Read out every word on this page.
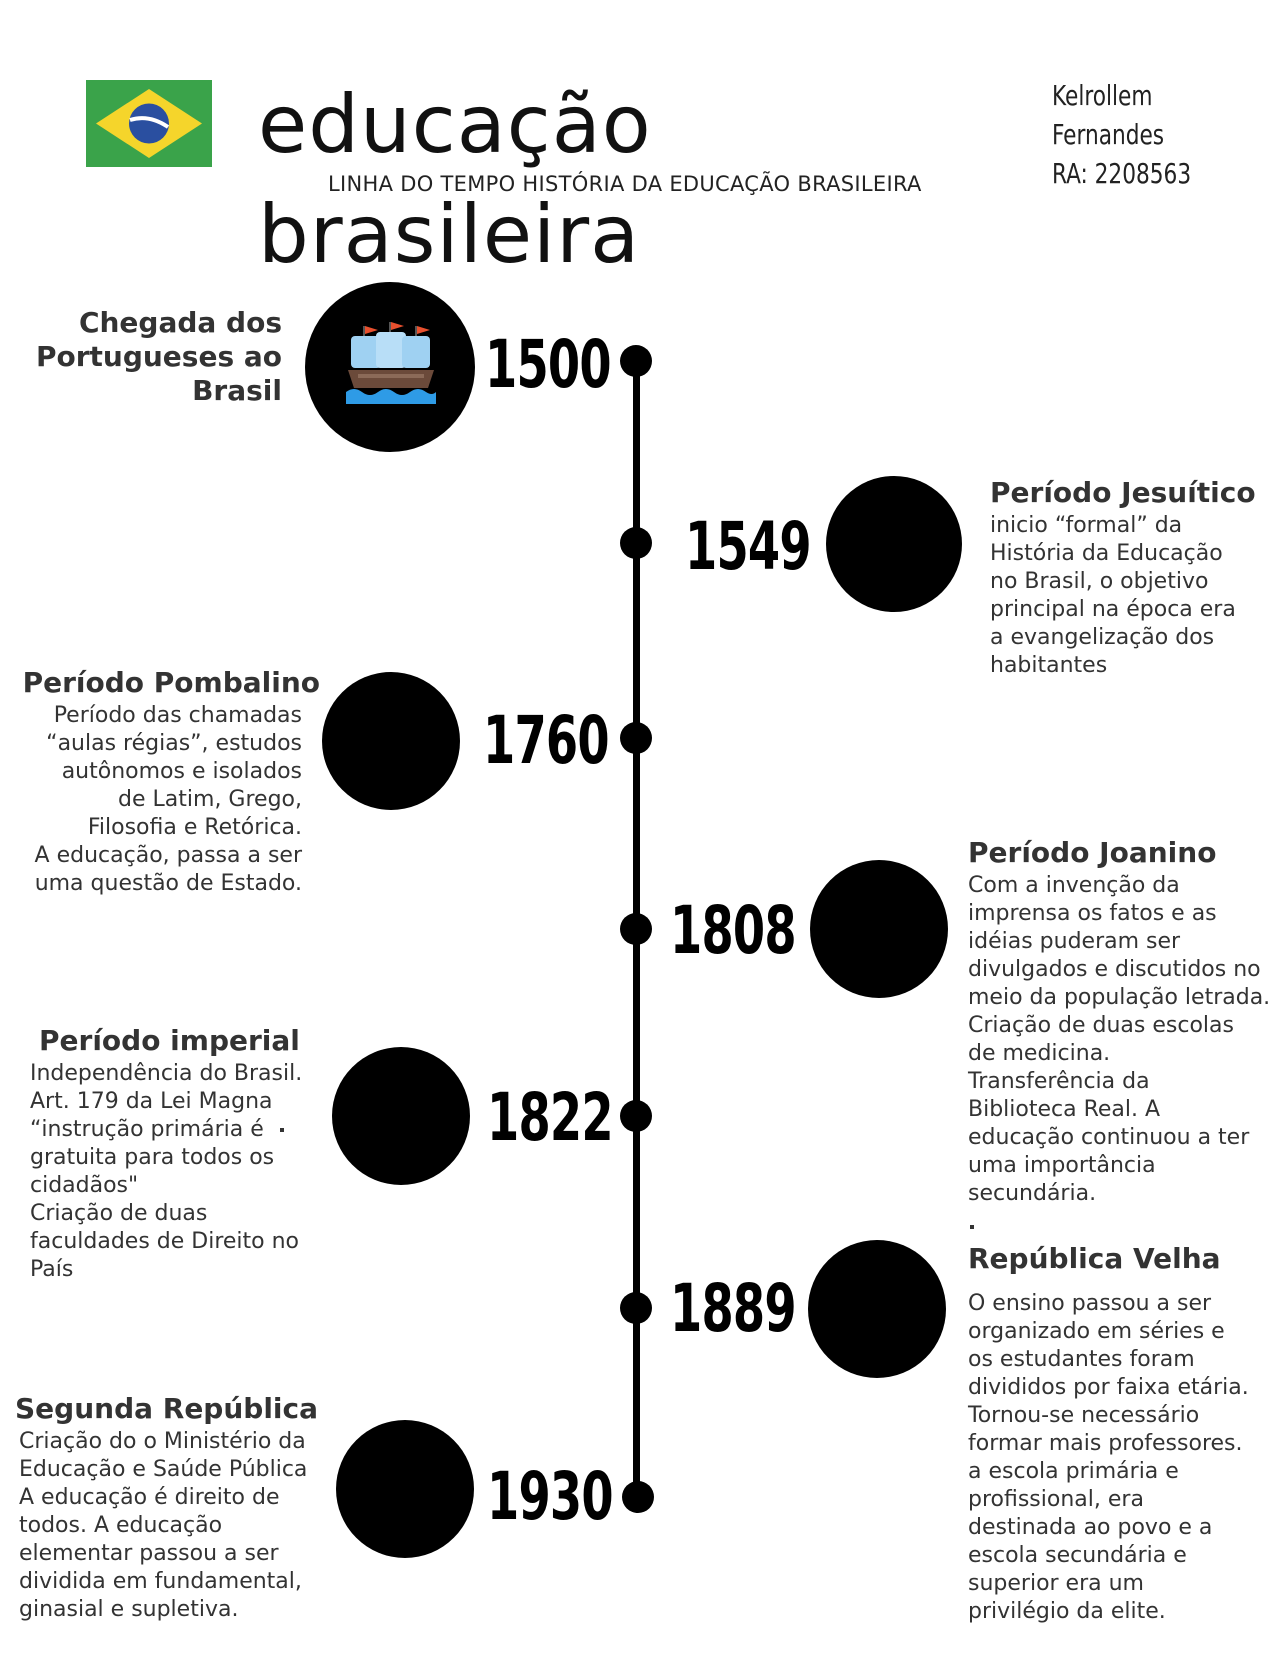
educação brasileira
LINHA DO TEMPO HISTÓRIA DA EDUCAÇÃO BRASILEIRA
Kelrollem
Fernandes
RA: 2208563
1500
Chegada dos
Portugueses ao
Brasil
1549
Período Jesuítico
inicio “formal” da
História da Educação
no Brasil, o objetivo
principal na época era
a evangelização dos
habitantes
1760
Período Pombalino
Período das chamadas
“aulas régias”, estudos
autônomos e isolados
de Latim, Grego,
Filosofia e Retórica.
A educação, passa a ser
uma questão de Estado.
1808
Período Joanino
Com a invenção da
imprensa os fatos e as
idéias puderam ser
divulgados e discutidos no
meio da população letrada.
Criação de duas escolas
de medicina.
Transferência da
Biblioteca Real. A
educação continuou a ter
uma importância
secundária.
1822
Período imperial
Independência do Brasil.
Art. 179 da Lei Magna
“instrução primária é
gratuita para todos os
cidadãos"
Criação de duas
faculdades de Direito no
País
1889
República Velha
O ensino passou a ser
organizado em séries e
os estudantes foram
divididos por faixa etária.
Tornou-se necessário
formar mais professores.
a escola primária e
profissional, era
destinada ao povo e a
escola secundária e
superior era um
privilégio da elite.
1930
Segunda República
Criação do o Ministério da
Educação e Saúde Pública
A educação é direito de
todos. A educação
elementar passou a ser
dividida em fundamental,
ginasial e supletiva.
